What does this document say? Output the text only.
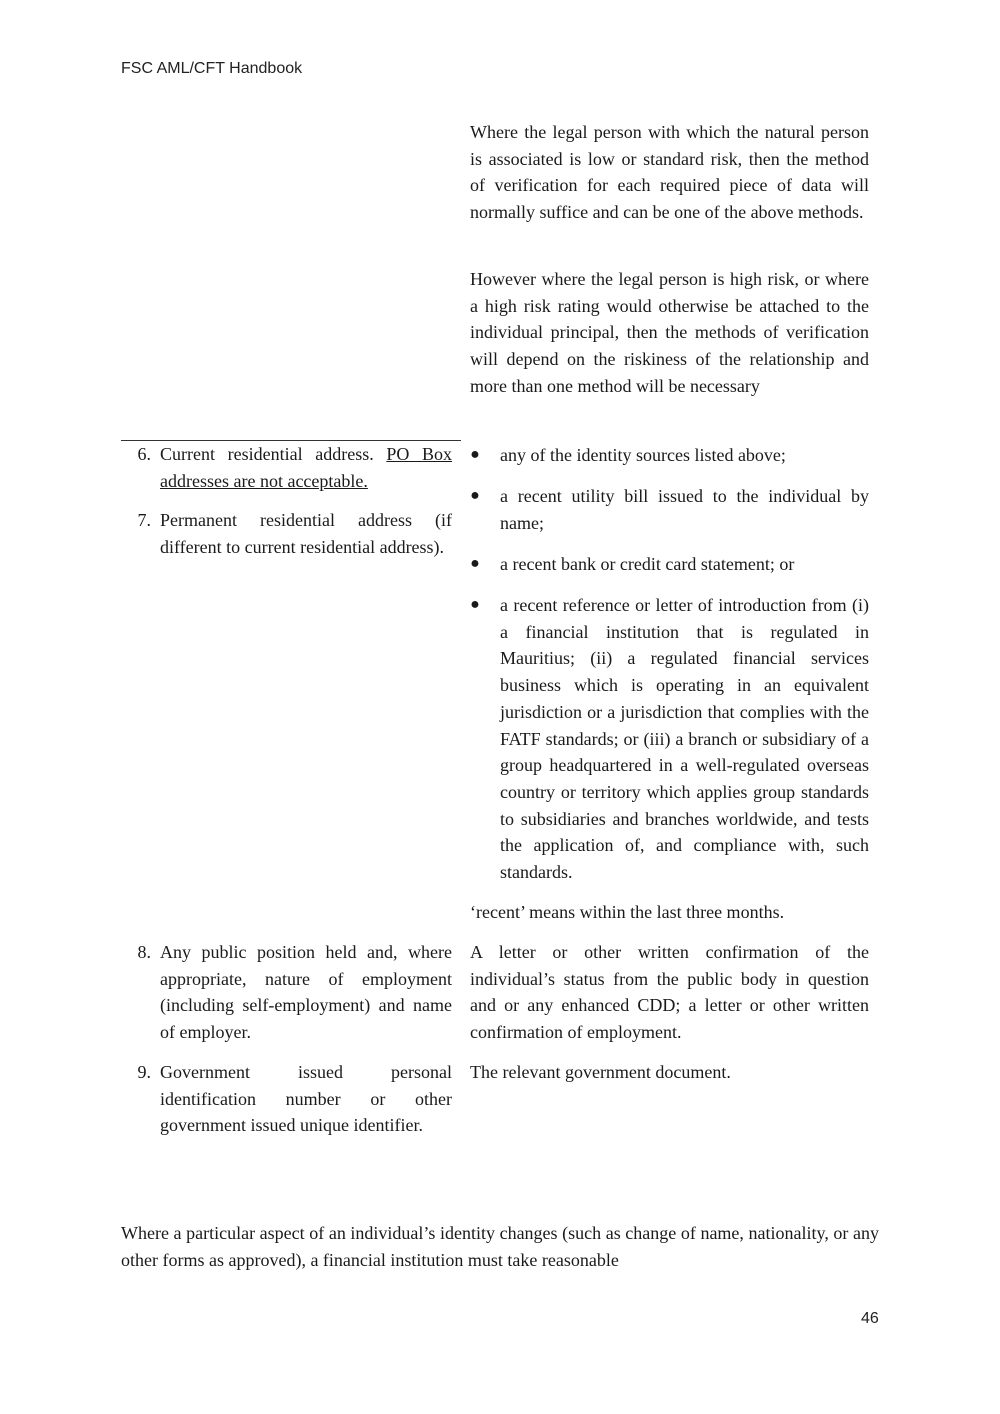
FSC AML/CFT Handbook
Where the legal person with which the natural person is associated is low or standard risk, then the method of verification for each required piece of data will normally suffice and can be one of the above methods.
However where the legal person is high risk, or where a high risk rating would otherwise be attached to the individual principal, then the methods of verification will depend on the riskiness of the relationship and more than one method will be necessary
6. Current residential address. PO Box addresses are not acceptable.
7. Permanent residential address (if different to current residential address).
● any of the identity sources listed above;
● a recent utility bill issued to the individual by name;
● a recent bank or credit card statement; or
● a recent reference or letter of introduction from (i) a financial institution that is regulated in Mauritius; (ii) a regulated financial services business which is operating in an equivalent jurisdiction or a jurisdiction that complies with the FATF standards; or (iii) a branch or subsidiary of a group headquartered in a well-regulated overseas country or territory which applies group standards to subsidiaries and branches worldwide, and tests the application of, and compliance with, such standards.
‘recent’ means within the last three months.
8. Any public position held and, where appropriate, nature of employment (including self-employment) and name of employer.
A letter or other written confirmation of the individual’s status from the public body in question and or any enhanced CDD; a letter or other written confirmation of employment.
9. Government issued personal identification number or other government issued unique identifier.
The relevant government document.
Where a particular aspect of an individual’s identity changes (such as change of name, nationality, or any other forms as approved), a financial institution must take reasonable
46
